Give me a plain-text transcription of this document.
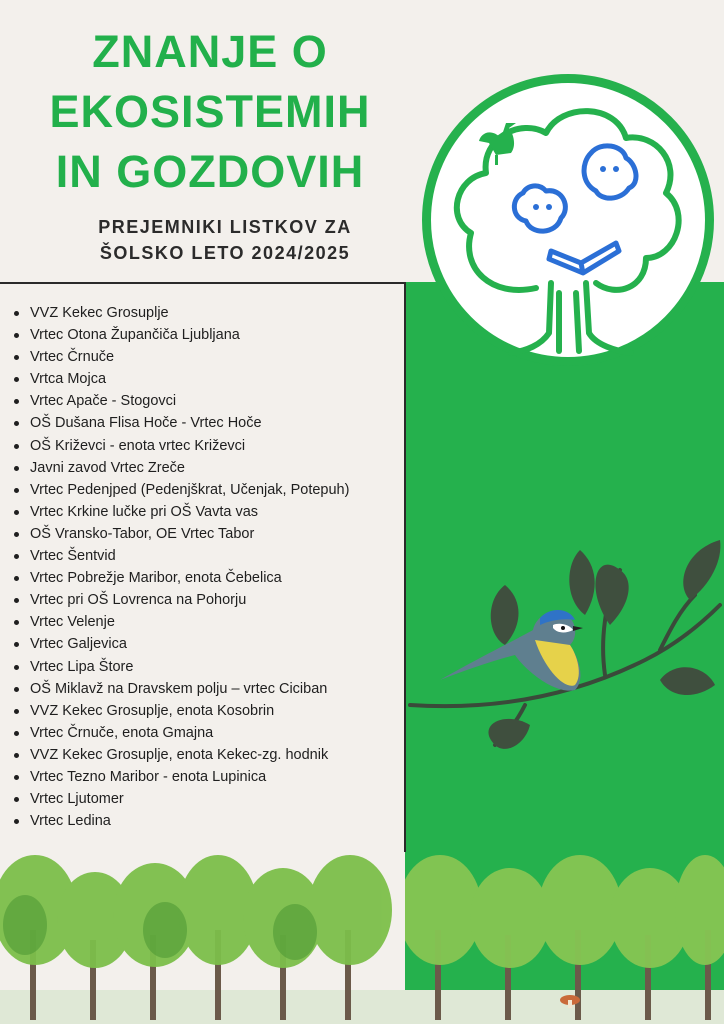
ZNANJE O
EKOSISTEMIH
IN GOZDOVIH
PREJEMNIKI LISTKOV ZA
ŠOLSKO LETO 2024/2025
VVZ Kekec Grosuplje
Vrtec Otona Župančiča Ljubljana
Vrtec Črnuče
Vrtca Mojca
Vrtec Apače - Stogovci
OŠ Dušana Flisa Hoče - Vrtec Hoče
OŠ Križevci - enota vrtec Križevci
Javni zavod Vrtec Zreče
Vrtec Pedenjped (Pedenjškrat, Učenjak, Potepuh)
Vrtec Krkine lučke pri OŠ Vavta vas
OŠ Vransko-Tabor, OE Vrtec Tabor
Vrtec Šentvid
Vrtec Pobrežje Maribor, enota Čebelica
Vrtec pri OŠ Lovrenca na Pohorju
Vrtec Velenje
Vrtec Galjevica
Vrtec Lipa Štore
OŠ Miklavž na Dravskem polju – vrtec Ciciban
VVZ Kekec Grosuplje, enota Kosobrin
Vrtec Črnuče, enota Gmajna
VVZ Kekec Grosuplje, enota Kekec-zg. hodnik
Vrtec Tezno Maribor - enota Lupinica
Vrtec Ljutomer
Vrtec Ledina
